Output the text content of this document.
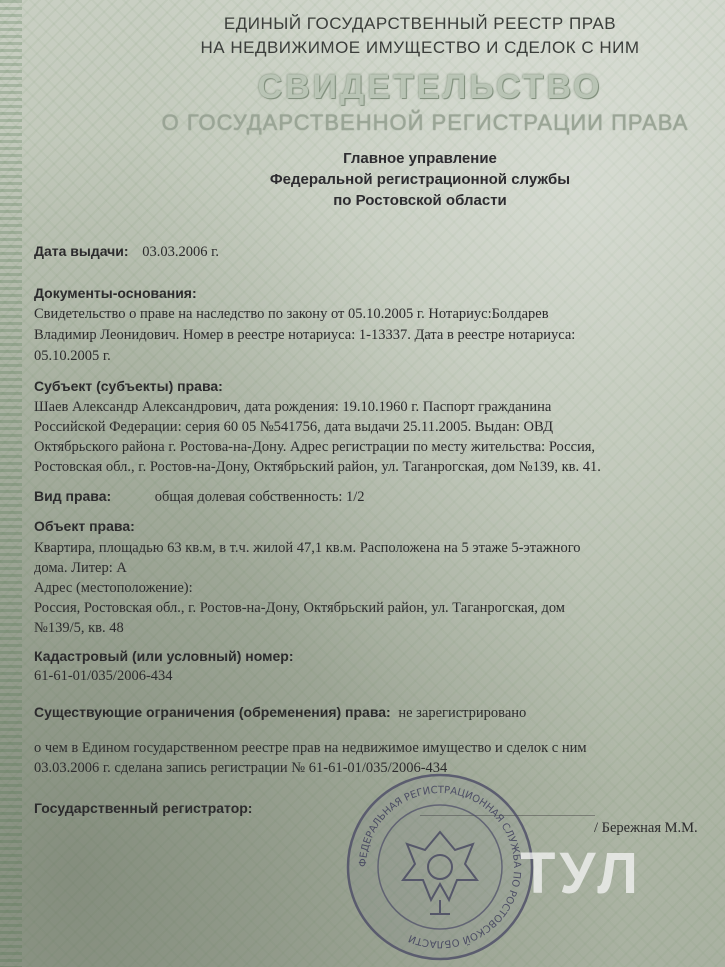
ЕДИНЫЙ ГОСУДАРСТВЕННЫЙ РЕЕСТР ПРАВ
НА НЕДВИЖИМОЕ ИМУЩЕСТВО И СДЕЛОК С НИМ
СВИДЕТЕЛЬСТВО
О ГОСУДАРСТВЕННОЙ РЕГИСТРАЦИИ ПРАВА
Главное управление
Федеральной регистрационной службы
по Ростовской области
Дата выдачи: 03.03.2006 г.
Документы-основания:
Свидетельство о праве на наследство по закону от 05.10.2005 г. Нотариус:Болдарев
Владимир Леонидович. Номер в реестре нотариуса: 1-13337. Дата в реестре нотариуса:
05.10.2005 г.
Субъект (субъекты) права:
Шаев Александр Александрович, дата рождения: 19.10.1960 г. Паспорт гражданина
Российской Федерации: серия 60 05 №541756, дата выдачи 25.11.2005. Выдан: ОВД
Октябрьского района г. Ростова-на-Дону. Адрес регистрации по месту жительства: Россия,
Ростовская обл., г. Ростов-на-Дону, Октябрьский район, ул. Таганрогская, дом №139, кв. 41.
Вид права:	общая долевая собственность: 1/2
Объект права:
Квартира, площадью 63 кв.м, в т.ч. жилой 47,1 кв.м. Расположена на 5 этаже 5-этажного
дома. Литер: А
Адрес (местоположение):
Россия, Ростовская обл., г. Ростов-на-Дону, Октябрьский район, ул. Таганрогская, дом
№139/5, кв. 48
Кадастровый (или условный) номер:
61-61-01/035/2006-434
Существующие ограничения (обременения) права: не зарегистрировано
о чем в Едином государственном реестре прав на недвижимое имущество и сделок с ним
03.03.2006 г. сделана запись регистрации № 61-61-01/035/2006-434
Государственный регистратор:
/ Бережная М.М.
ФЕДЕРАЛЬНАЯ РЕГИСТРАЦИОННАЯ СЛУЖБА ПО РОСТОВСКОЙ ОБЛАСТИ
ТУЛ
